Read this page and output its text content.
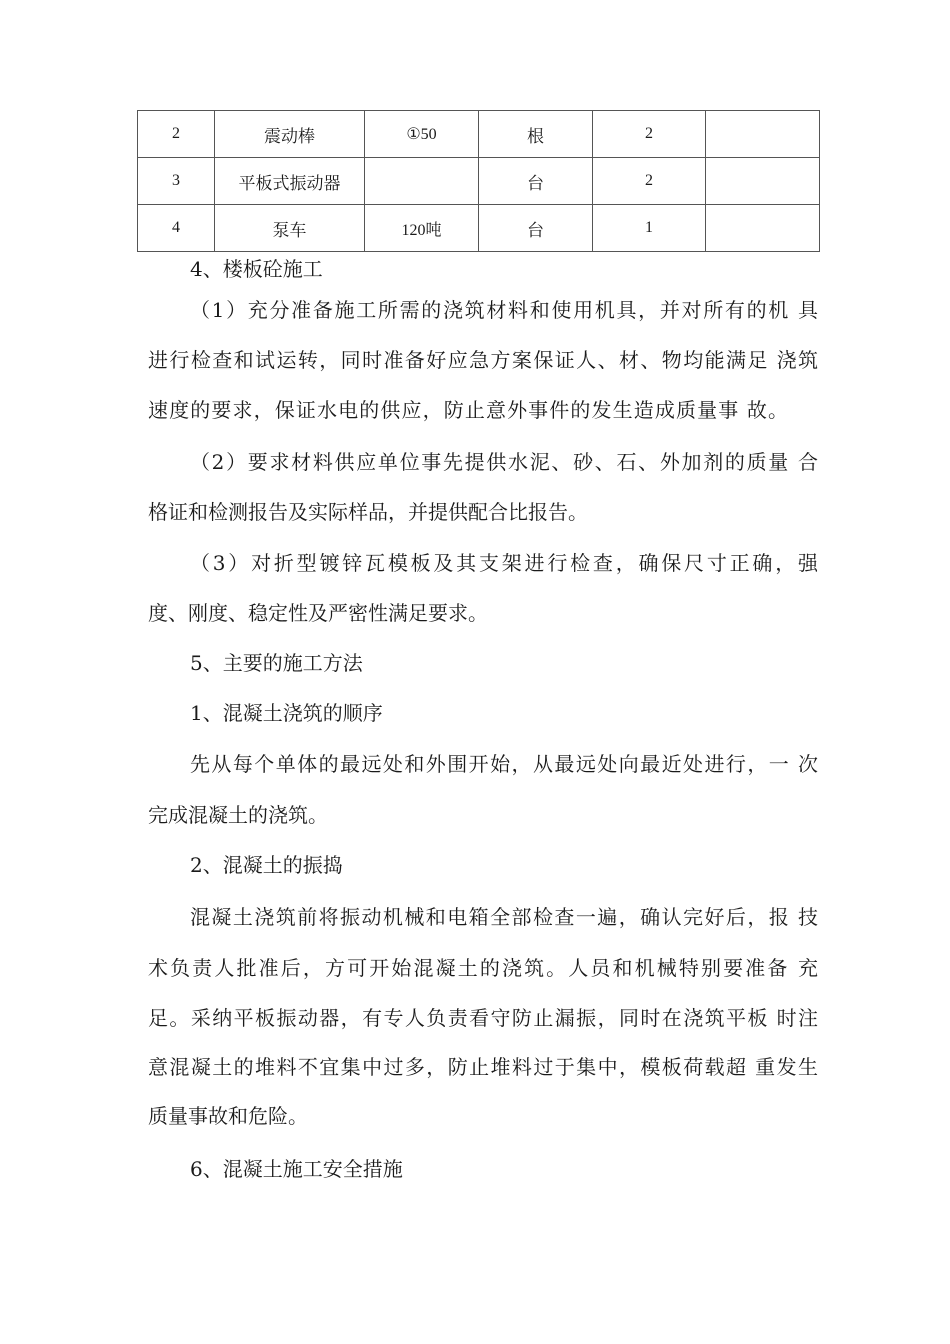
2	震动棒	①50	根	2	
3	平板式振动器		台	2	
4	泵车	120吨	台	1	
4、楼板砼施工
（1）充分准备施工所需的浇筑材料和使用机具，并对所有的机 具
进行检查和试运转，同时准备好应急方案保证人、材、物均能满足 浇筑
速度的要求，保证水电的供应，防止意外事件的发生造成质量事 故。
（2）要求材料供应单位事先提供水泥、砂、石、外加剂的质量 合
格证和检测报告及实际样品，并提供配合比报告。
（3）对折型镀锌瓦模板及其支架进行检查，确保尺寸正确，强
度、刚度、稳定性及严密性满足要求。
5、主要的施工方法
1、混凝土浇筑的顺序
先从每个单体的最远处和外围开始，从最远处向最近处进行，一 次
完成混凝土的浇筑。
2、混凝土的振捣
混凝土浇筑前将振动机械和电箱全部检查一遍，确认完好后，报 技
术负责人批准后，方可开始混凝土的浇筑。人员和机械特别要准备 充
足。采纳平板振动器，有专人负责看守防止漏振，同时在浇筑平板 时注
意混凝土的堆料不宜集中过多，防止堆料过于集中，模板荷载超 重发生
质量事故和危险。
6、混凝土施工安全措施
